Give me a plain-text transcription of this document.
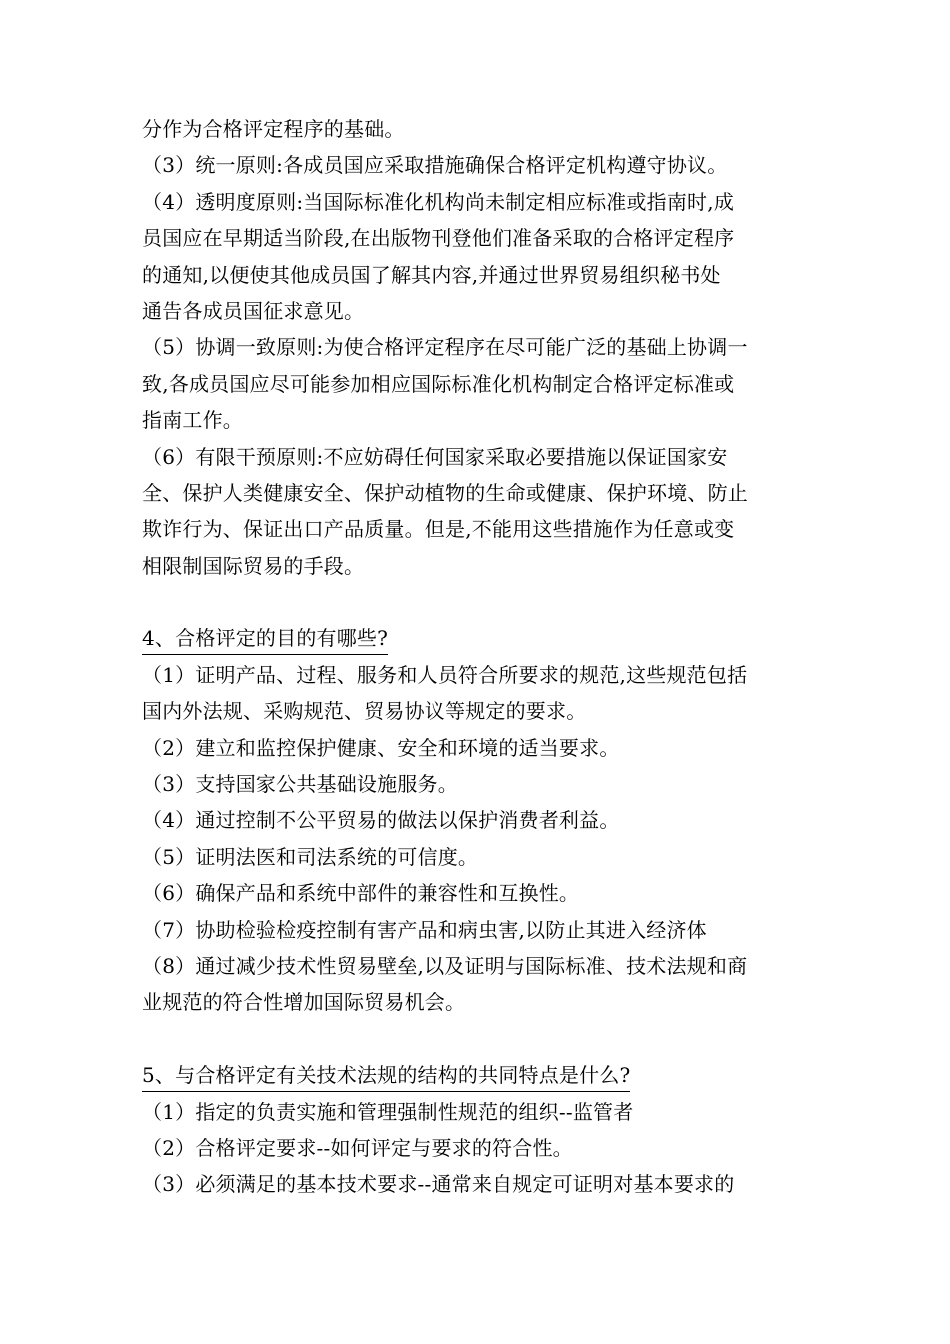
分作为合格评定程序的基础。
（3）统一原则:各成员国应采取措施确保合格评定机构遵守协议。
（4）透明度原则:当国际标准化机构尚未制定相应标准或指南时,成
员国应在早期适当阶段,在出版物刊登他们准备采取的合格评定程序
的通知,以便使其他成员国了解其内容,并通过世界贸易组织秘书处
通告各成员国征求意见。
（5）协调一致原则:为使合格评定程序在尽可能广泛的基础上协调一
致,各成员国应尽可能参加相应国际标准化机构制定合格评定标准或
指南工作。
（6）有限干预原则:不应妨碍任何国家采取必要措施以保证国家安
全、保护人类健康安全、保护动植物的生命或健康、保护环境、防止
欺诈行为、保证出口产品质量。但是,不能用这些措施作为任意或变
相限制国际贸易的手段。
4、合格评定的目的有哪些?
（1）证明产品、过程、服务和人员符合所要求的规范,这些规范包括
国内外法规、采购规范、贸易协议等规定的要求。
（2）建立和监控保护健康、安全和环境的适当要求。
（3）支持国家公共基础设施服务。
（4）通过控制不公平贸易的做法以保护消费者利益。
（5）证明法医和司法系统的可信度。
（6）确保产品和系统中部件的兼容性和互换性。
（7）协助检验检疫控制有害产品和病虫害,以防止其进入经济体
（8）通过减少技术性贸易壁垒,以及证明与国际标准、技术法规和商
业规范的符合性增加国际贸易机会。
5、与合格评定有关技术法规的结构的共同特点是什么?
（1）指定的负责实施和管理强制性规范的组织--监管者
（2）合格评定要求--如何评定与要求的符合性。
（3）必须满足的基本技术要求--通常来自规定可证明对基本要求的
